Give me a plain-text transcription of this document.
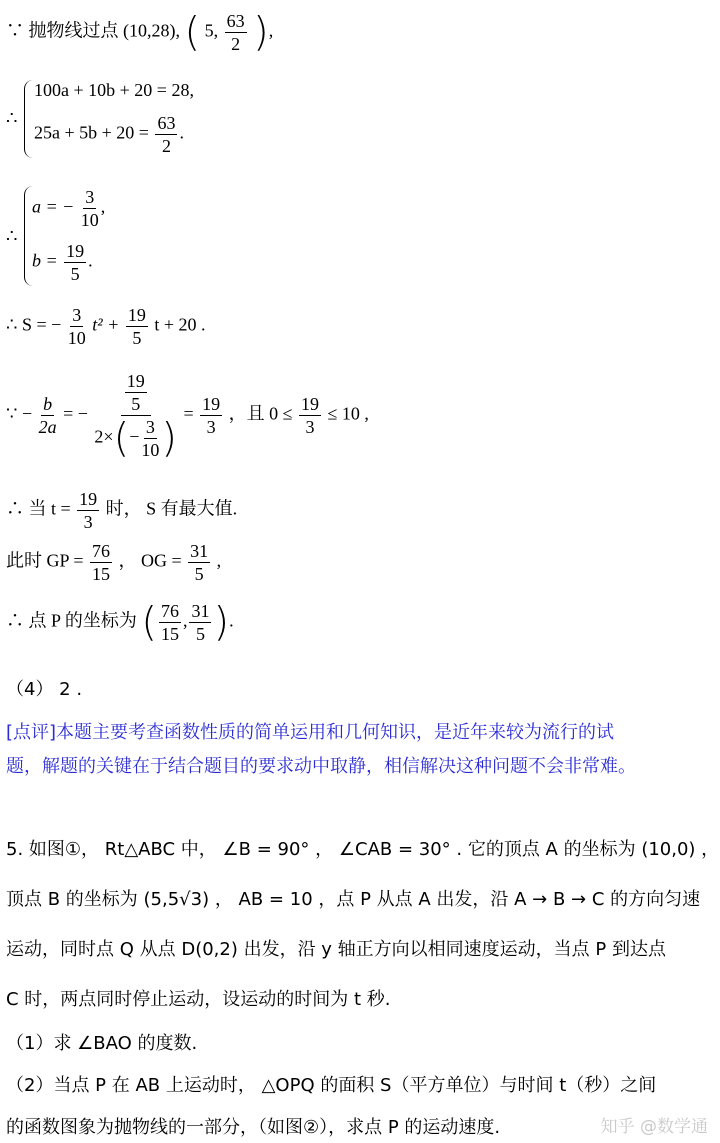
∵ 抛物线过点 (10,28), ( 5, $\frac{63}{2}$ ),
∴
100a + 10b + 20 = 28,
$25a + 5b + 20 = \frac{63}{2}$ .
∴
a = − $\frac{3}{10}$ ,
$b = \frac{19}{5}$ .
∴ S = − $\frac{3}{10} t^2 + \frac{19}{5}$ t + 20 .
∵ − $\frac{b}{2a}$ = − $\frac{\frac{19}{5}}{2\times(- \frac{3}{10} )} = \frac{19}{3}$ ，且 $0 \le \frac{19}{3} \le 10$ ,
∴ 当 $t = \frac{19}{3}$ 时， S 有最大值.
此时 GP = $\frac{76}{15}$ ， OG = $\frac{31}{5}$ ,
∴ 点 P 的坐标为 ( $\frac{76}{15}$ , $\frac{31}{5}$ ).
（4） 2 .
[点评]本题主要考查函数性质的简单运用和几何知识，是近年来较为流行的试
题，解题的关键在于结合题目的要求动中取静，相信解决这种问题不会非常难。
5. 如图①， Rt△ABC 中， ∠B = 90° ， ∠CAB = 30° . 它的顶点 A 的坐标为 (10,0) ，
顶点 B 的坐标为 (5,5√3) ， AB = 10 ，点 P 从点 A 出发，沿 A → B → C 的方向匀速
运动，同时点 Q 从点 D(0,2) 出发，沿 y 轴正方向以相同速度运动，当点 P 到达点
C 时，两点同时停止运动，设运动的时间为 t 秒.
（1）求 ∠BAO 的度数.
（2）当点 P 在 AB 上运动时， △OPQ 的面积 S（平方单位）与时间 t（秒）之间
的函数图象为抛物线的一部分，（如图②），求点 P 的运动速度.	知乎 @数学通
